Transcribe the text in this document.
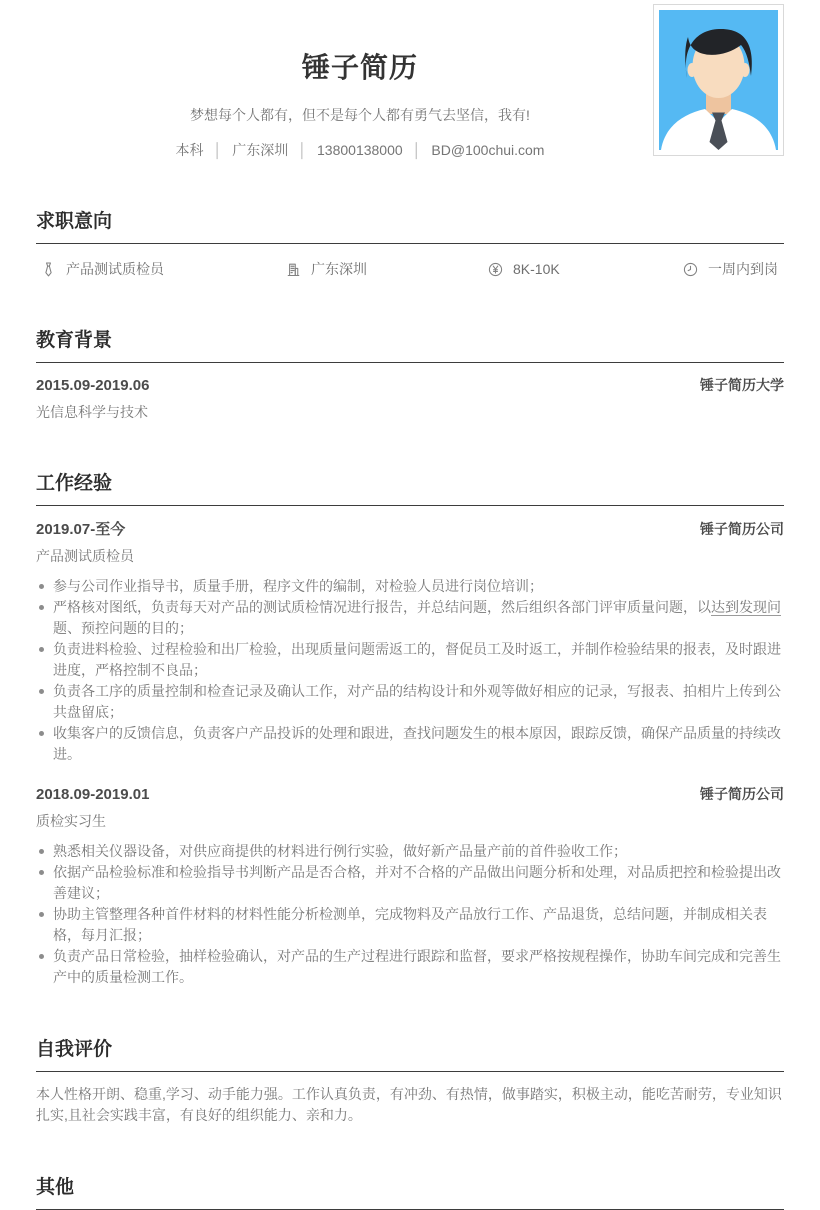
锤子简历
梦想每个人都有，但不是每个人都有勇气去坚信，我有!
本科 │ 广东深圳 │ 13800138000 │ BD@100chui.com
求职意向
产品测试质检员	广东深圳	8K-10K	一周内到岗
教育背景
2015.09-2019.06	锤子简历大学
光信息科学与技术
工作经验
2019.07-至今	锤子简历公司
产品测试质检员
参与公司作业指导书，质量手册，程序文件的编制，对检验人员进行岗位培训；
严格核对图纸，负责每天对产品的测试质检情况进行报告，并总结问题，然后组织各部门评审质量问题，以达到发现问题、预控问题的目的；
负责进料检验、过程检验和出厂检验，出现质量问题需返工的，督促员工及时返工，并制作检验结果的报表，及时跟进进度，严格控制不良品；
负责各工序的质量控制和检查记录及确认工作，对产品的结构设计和外观等做好相应的记录，写报表、拍相片上传到公共盘留底；
收集客户的反馈信息，负责客户产品投诉的处理和跟进，查找问题发生的根本原因，跟踪反馈，确保产品质量的持续改进。
2018.09-2019.01	锤子简历公司
质检实习生
熟悉相关仪器设备，对供应商提供的材料进行例行实验，做好新产品量产前的首件验收工作；
依据产品检验标准和检验指导书判断产品是否合格，并对不合格的产品做出问题分析和处理，对品质把控和检验提出改善建议；
协助主管整理各种首件材料的材料性能分析检测单，完成物料及产品放行工作、产品退货，总结问题，并制成相关表格，每月汇报；
负责产品日常检验，抽样检验确认，对产品的生产过程进行跟踪和监督，要求严格按规程操作，协助车间完成和完善生产中的质量检测工作。
自我评价
本人性格开朗、稳重,学习、动手能力强。工作认真负责，有冲劲、有热情，做事踏实，积极主动，能吃苦耐劳，专业知识扎实,且社会实践丰富，有良好的组织能力、亲和力。
其他
